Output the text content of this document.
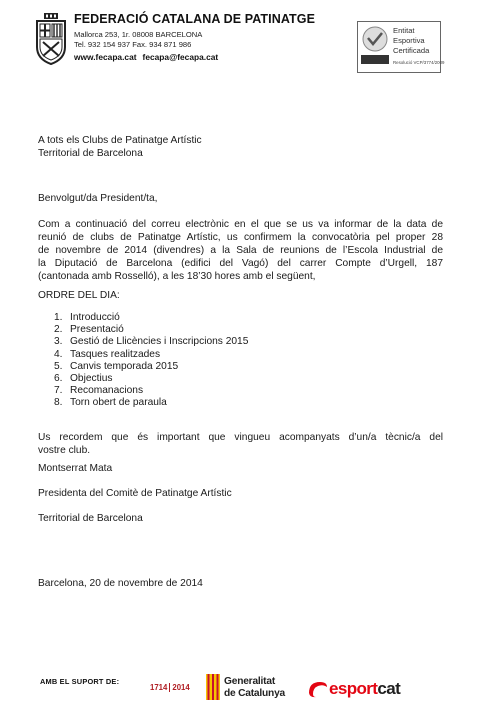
FEDERACIÓ CATALANA DE PATINATGE
Mallorca 253, 1r. 08008 BARCELONA
Tel. 932 154 937 Fax. 934 871 986
www.fecapa.cat fecapa@fecapa.cat
Entitat
Esportiva
Certificada
Resolució VCP/3774/2009
A tots els Clubs de Patinatge Artístic
Territorial de Barcelona
Benvolgut/da President/ta,
Com a continuació del correu electrònic en el que se us va informar de la data de
reunió de clubs de Patinatge Artístic, us confirmem la convocatòria pel proper 28
de novembre de 2014 (divendres) a la Sala de reunions de l’Escola Industrial de
la Diputació de Barcelona (edifici del Vagó) del carrer Compte d’Urgell, 187
(cantonada amb Rosselló), a les 18’30 hores amb el següent,
ORDRE DEL DIA:
1. Introducció
2. Presentació
3. Gestió de Llicències i Inscripcions 2015
4. Tasques realitzades
5. Canvis temporada 2015
6. Objectius
7. Recomanacions
8. Torn obert de paraula
Us recordem que és important que vingueu acompanyats d’un/a tècnic/a del
vostre club.
Montserrat Mata
Presidenta del Comitè de Patinatge Artístic
Territorial de Barcelona
Barcelona, 20 de novembre de 2014
AMB EL SUPORT DE:
1714 2014
Generalitat
de Catalunya	esportcat
